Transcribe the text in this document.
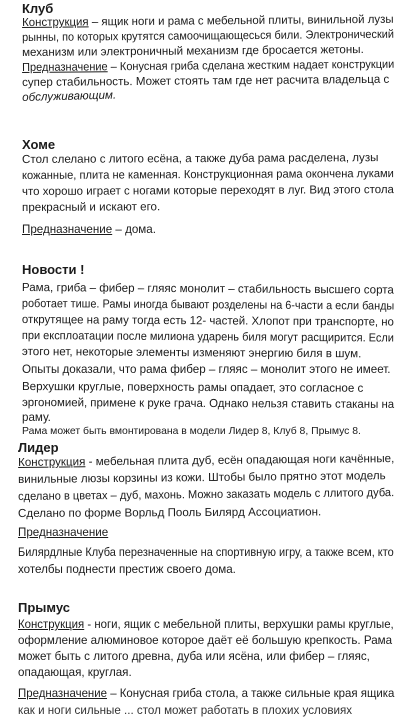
Клуб
Конструкция – ящик ноги и рама с мебельной плиты, винильной лузы
рынны, по которых крутятся самоочищающесься били. Электронический
механизм или электроничный механизм где бросается жетоны.
Предназначение – Конусная гриба сделана жестким надает конструкции
супер стабильность. Может стоять там где нет расчита владельца с
обслуживающим.
Хоме
Стол слелано с литого есёна, а также дуба рама расделена, лузы
кожанные, плита не каменная. Конструкционная рама окончена луками
что хорошо играет с ногами которые переходят в луг. Вид этого стола
прекрасный и искают его.
Предназначение – дома.
Новости !
Рама, гриба – фибер – гляяс монолит – стабильность высшего сорта
роботает тише. Рамы иногда бывают розделены на 6-части а если банды
открутящее на раму тогда есть 12- частей. Хлопот при транспорте, но
при експлоатации после милиона ударень биля могут расщирится. Если
этого нет, некоторые элементы изменяют энергию биля в шум.
Опыты доказали, что рама фибер – гляяс – монолит этого не имеет.
Верхушки круглые, поверхность рамы опадает, это согласное с
эргономией, примене к руке грача. Однако нельзя ставить стаканы на
раму.
Рама может быть вмонтирована в модели Лидер 8, Клуб 8, Прымус 8.
Лидер
Конструкция - мебельная плита дуб, есён опадающая ноги качённые,
винильные люзы корзины из кожи. Штобы было прятно этот модель
сделано в цветах – дуб, махонь. Можно заказать модель с ллитого дуба.
Сделано по форме Ворльд Пооль Биляpд Ассоциатион.
Предназначение
Билярдлные Клуба перезначенные на спортивную игру, а также всем, кто
хотелбы поднести престиж своего дома.
Прымус
Конструкция - ноги, ящик с мебельной плиты, верхушки рамы круглые,
оформление алюминовое которое даёт её большую крепкость. Рама
может быть с литого древна, дуба или ясёна, или фибер – гляяс,
опадающая, круглая.
Предназначение – Конусная гриба стола, а также сильные края ящика
как и ноги сильные ... стол может работать в плохих условиях
